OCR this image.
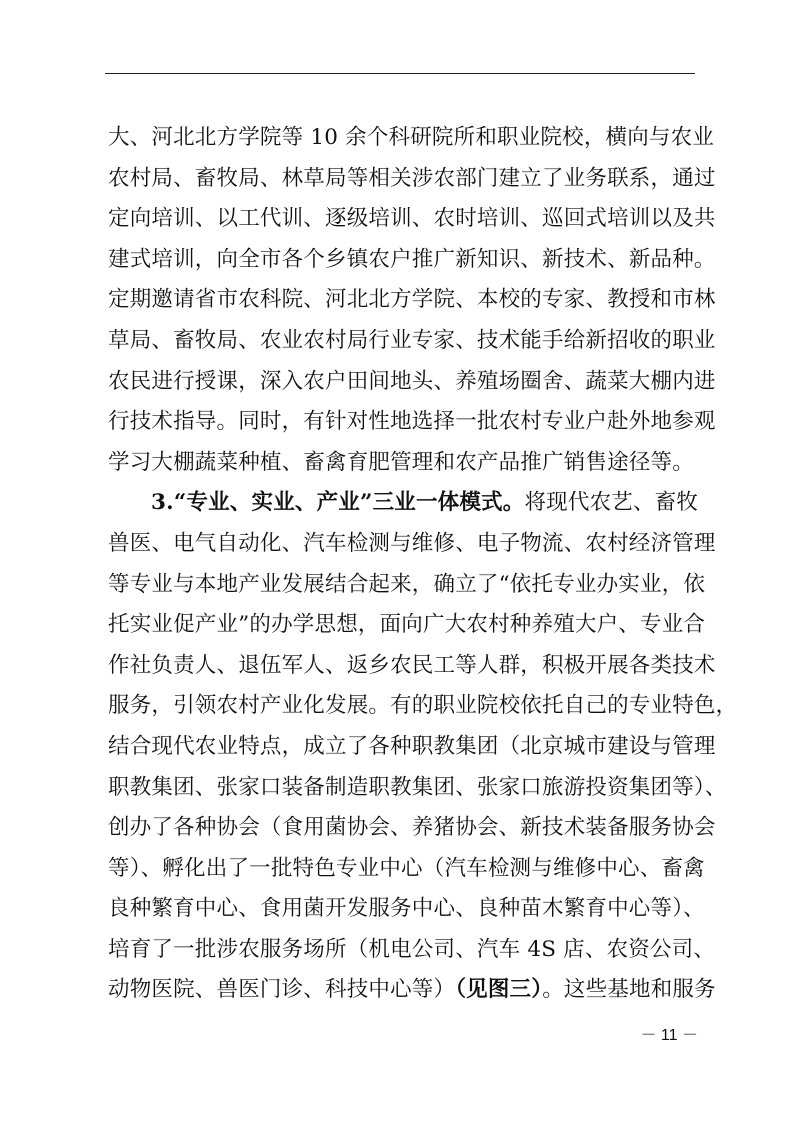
大、河北北方学院等 10 余个科研院所和职业院校，横向与农业
农村局、畜牧局、林草局等相关涉农部门建立了业务联系，通过
定向培训、以工代训、逐级培训、农时培训、巡回式培训以及共
建式培训，向全市各个乡镇农户推广新知识、新技术、新品种。
定期邀请省市农科院、河北北方学院、本校的专家、教授和市林
草局、畜牧局、农业农村局行业专家、技术能手给新招收的职业
农民进行授课，深入农户田间地头、养殖场圈舍、蔬菜大棚内进
行技术指导。同时，有针对性地选择一批农村专业户赴外地参观
学习大棚蔬菜种植、畜禽育肥管理和农产品推广销售途径等。
3.“专业、实业、产业”三业一体模式。将现代农艺、畜牧
兽医、电气自动化、汽车检测与维修、电子物流、农村经济管理
等专业与本地产业发展结合起来，确立了“依托专业办实业，依
托实业促产业”的办学思想，面向广大农村种养殖大户、专业合
作社负责人、退伍军人、返乡农民工等人群，积极开展各类技术
服务，引领农村产业化发展。有的职业院校依托自己的专业特色，
结合现代农业特点，成立了各种职教集团（北京城市建设与管理
职教集团、张家口装备制造职教集团、张家口旅游投资集团等）、
创办了各种协会（食用菌协会、养猪协会、新技术装备服务协会
等）、孵化出了一批特色专业中心（汽车检测与维修中心、畜禽
良种繁育中心、食用菌开发服务中心、良种苗木繁育中心等）、
培育了一批涉农服务场所（机电公司、汽车 4S 店、农资公司、
动物医院、兽医门诊、科技中心等）（见图三）。这些基地和服务
－ 11 －
